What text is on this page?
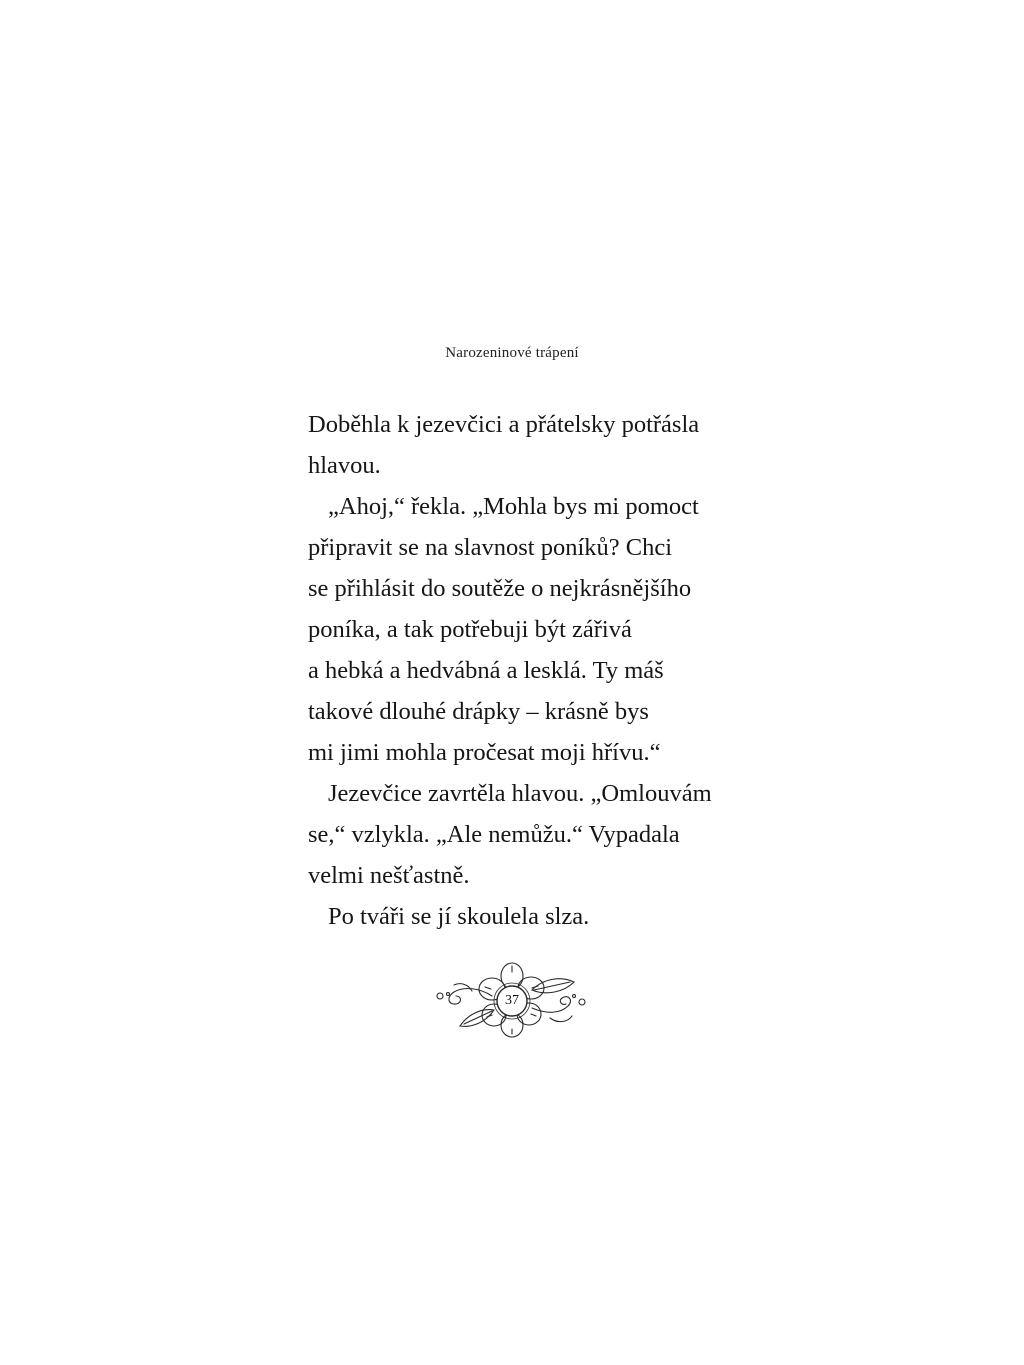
Narozeninové trápení
Doběhla k jezevčici a přátelsky potřásla
hlavou.
„Ahoj,“ řekla. „Mohla bys mi pomoct
připravit se na slavnost poníků? Chci
se přihlásit do soutěže o nejkrásnějšího
poníka, a tak potřebuji být zářivá
a hebká a hedvábná a lesklá. Ty máš
takové dlouhé drápky – krásně bys
mi jimi mohla pročesat moji hřívu.“
Jezevčice zavrtěla hlavou. „Omlouvám
se,“ vzlykla. „Ale nemůžu.“ Vypadala
velmi nešťastně.
Po tváři se jí skoulela slza.
37
